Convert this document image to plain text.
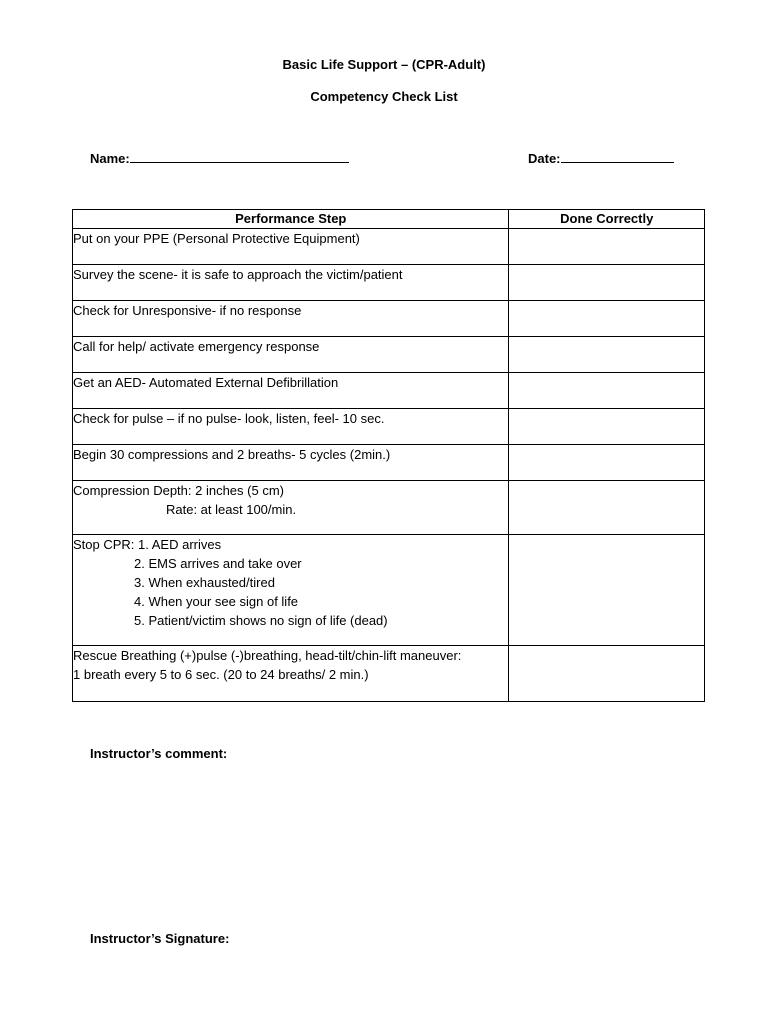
Basic Life Support – (CPR-Adult)
Competency Check List
Name:	Date:
Performance Step	Done Correctly

Put on your PPE (Personal Protective Equipment)	

Survey the scene- it is safe to approach the victim/patient	

Check for Unresponsive- if no response	

Call for help/ activate emergency response	

Get an AED- Automated External Defibrillation	

Check for pulse – if no pulse- look, listen, feel- 10 sec.	

Begin 30 compressions and 2 breaths- 5 cycles (2min.)	

Compression Depth: 2 inches (5 cm)
Rate: at least 100/min.	

Stop CPR: 1. AED arrives
2. EMS arrives and take over
3. When exhausted/tired
4. When your see sign of life
5. Patient/victim shows no sign of life (dead)	

Rescue Breathing (+)pulse (-)breathing, head-tilt/chin-lift maneuver:
1 breath every 5 to 6 sec. (20 to 24 breaths/ 2 min.)	

Instructor’s comment:
Instructor’s Signature:
